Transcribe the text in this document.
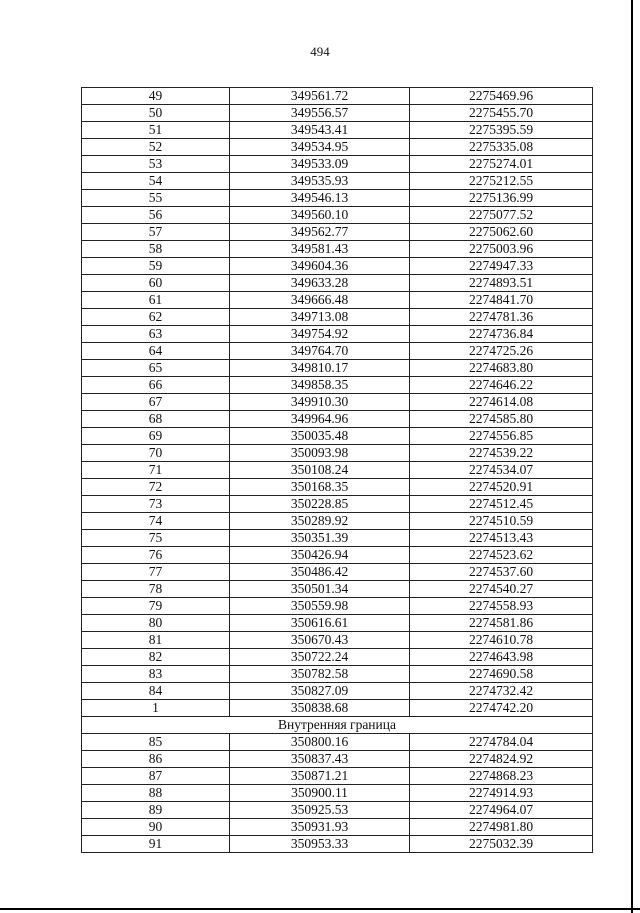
494
49	349561.72	2275469.96
50	349556.57	2275455.70
51	349543.41	2275395.59
52	349534.95	2275335.08
53	349533.09	2275274.01
54	349535.93	2275212.55
55	349546.13	2275136.99
56	349560.10	2275077.52
57	349562.77	2275062.60
58	349581.43	2275003.96
59	349604.36	2274947.33
60	349633.28	2274893.51
61	349666.48	2274841.70
62	349713.08	2274781.36
63	349754.92	2274736.84
64	349764.70	2274725.26
65	349810.17	2274683.80
66	349858.35	2274646.22
67	349910.30	2274614.08
68	349964.96	2274585.80
69	350035.48	2274556.85
70	350093.98	2274539.22
71	350108.24	2274534.07
72	350168.35	2274520.91
73	350228.85	2274512.45
74	350289.92	2274510.59
75	350351.39	2274513.43
76	350426.94	2274523.62
77	350486.42	2274537.60
78	350501.34	2274540.27
79	350559.98	2274558.93
80	350616.61	2274581.86
81	350670.43	2274610.78
82	350722.24	2274643.98
83	350782.58	2274690.58
84	350827.09	2274732.42
1	350838.68	2274742.20
Внутренняя граница		
85	350800.16	2274784.04
86	350837.43	2274824.92
87	350871.21	2274868.23
88	350900.11	2274914.93
89	350925.53	2274964.07
90	350931.93	2274981.80
91	350953.33	2275032.39
